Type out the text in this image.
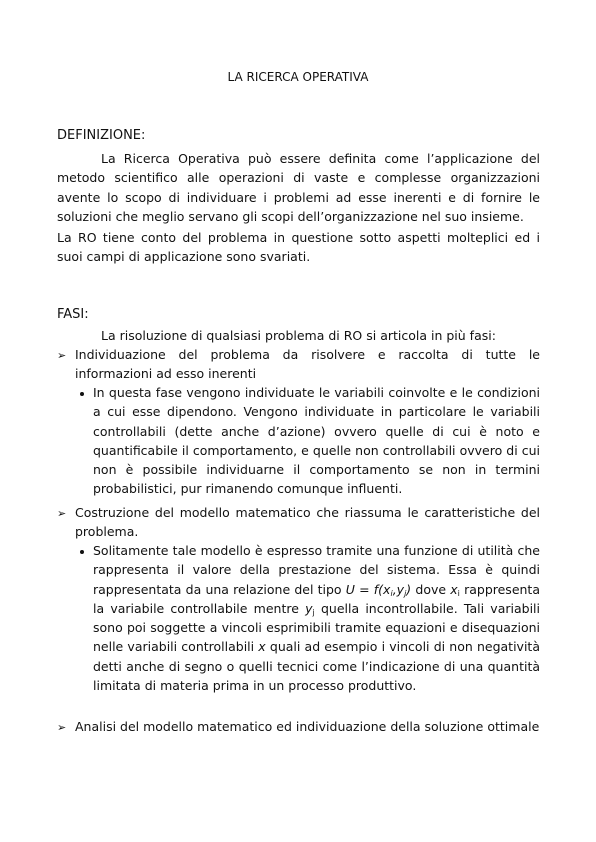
LA RICERCA OPERATIVA
DEFINIZIONE:
La Ricerca Operativa può essere definita come l’applicazione del metodo scientifico alle operazioni di vaste e complesse organizzazioni avente lo scopo di individuare i problemi ad esse inerenti e di fornire le soluzioni che meglio servano gli scopi dell’organizzazione nel suo insieme.
La RO tiene conto del problema in questione sotto aspetti molteplici ed i suoi campi di applicazione sono svariati.
FASI:
La risoluzione di qualsiasi problema di RO si articola in più fasi:
➢ Individuazione del problema da risolvere e raccolta di tutte le informazioni ad esso inerenti
In questa fase vengono individuate le variabili coinvolte e le condizioni a cui esse dipendono. Vengono individuate in particolare le variabili controllabili (dette anche d’azione) ovvero quelle di cui è noto e quantificabile il comportamento, e quelle non controllabili ovvero di cui non è possibile individuarne il comportamento se non in termini probabilistici, pur rimanendo comunque influenti.
➢ Costruzione del modello matematico che riassuma le caratteristiche del problema.
Solitamente tale modello è espresso tramite una funzione di utilità che rappresenta il valore della prestazione del sistema. Essa è quindi rappresentata da una relazione del tipo $U = f(x_i,y_j)$ dove $x_i$ rappresenta la variabile controllabile mentre $y_j$ quella incontrollabile. Tali variabili sono poi soggette a vincoli esprimibili tramite equazioni e disequazioni nelle variabili controllabili x quali ad esempio i vincoli di non negatività detti anche di segno o quelli tecnici come l’indicazione di una quantità limitata di materia prima in un processo produttivo.
➢ Analisi del modello matematico ed individuazione della soluzione ottimale
